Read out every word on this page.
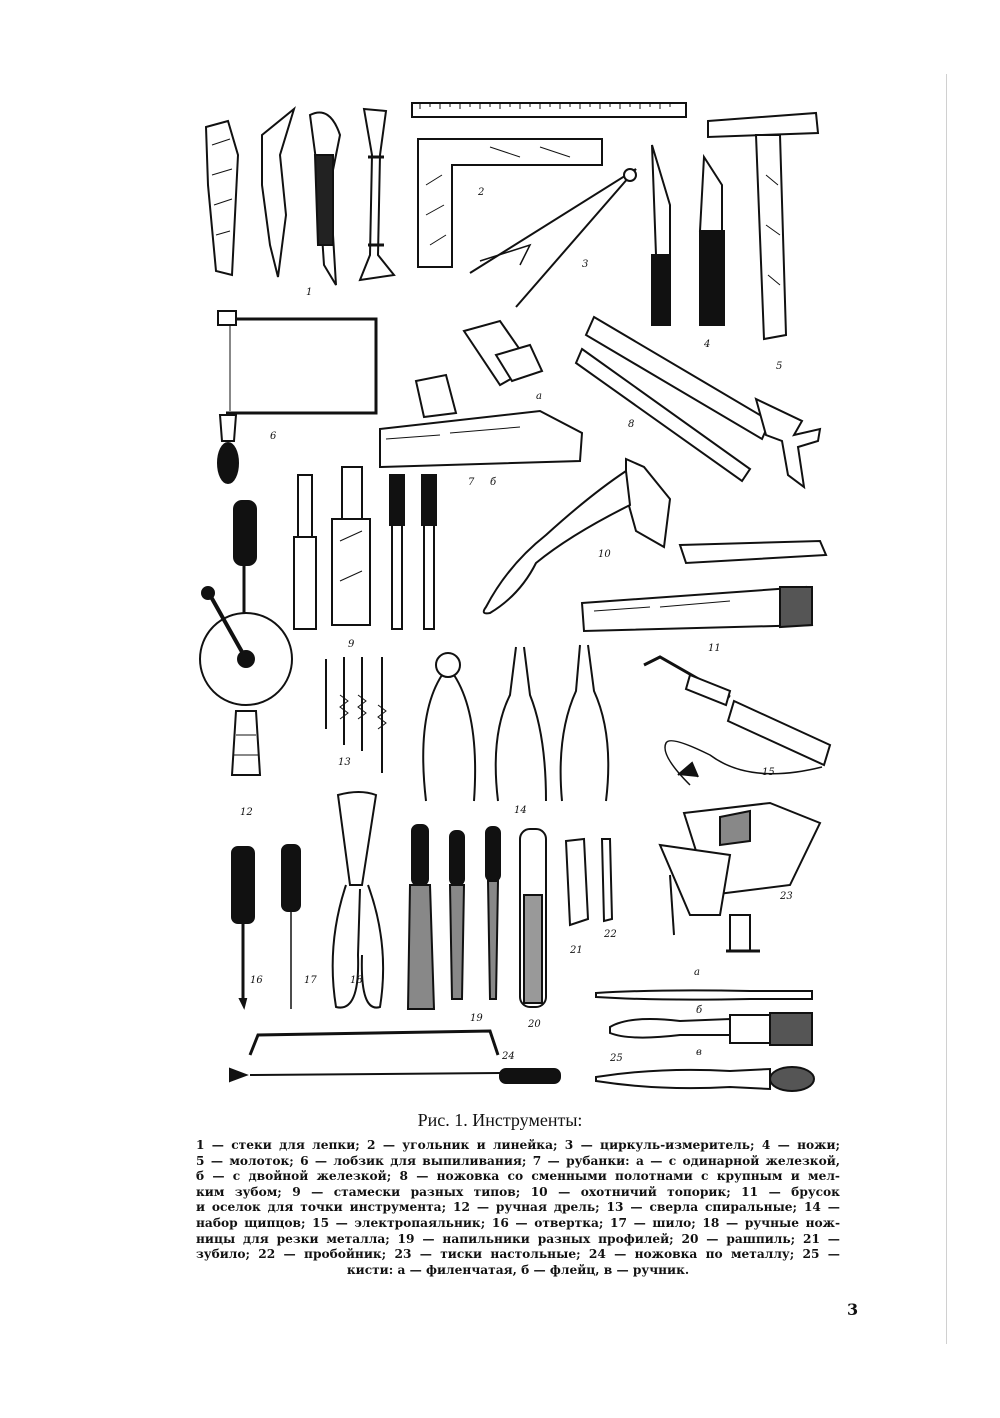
1
2
3
4
5
6
7 б
а
8
9
10
11
12
13
14
15
16	17	18
19
20
21
22
23
24	25
а
б
в
Рис. 1. Инструменты:
1 — стеки для лепки; 2 — угольник и линейка; 3 — циркуль-измеритель; 4 — ножи;
5 — молоток; 6 — лобзик для выпиливания; 7 — рубанки: а — с одинарной железкой,
б — с двойной железкой; 8 — ножовка со сменными полотнами с крупным и мел-
ким зубом; 9 — стамески разных типов; 10 — охотничий топорик; 11 — брусок
и оселок для точки инструмента; 12 — ручная дрель; 13 — сверла спиральные; 14 —
набор щипцов; 15 — электропаяльник; 16 — отвертка; 17 — шило; 18 — ручные нож-
ницы для резки металла; 19 — напильники разных профилей; 20 — рашпиль; 21 —
зубило; 22 — пробойник; 23 — тиски настольные; 24 — ножовка по металлу; 25 —
кисти: а — филенчатая, б — флейц, в — ручник.
3
